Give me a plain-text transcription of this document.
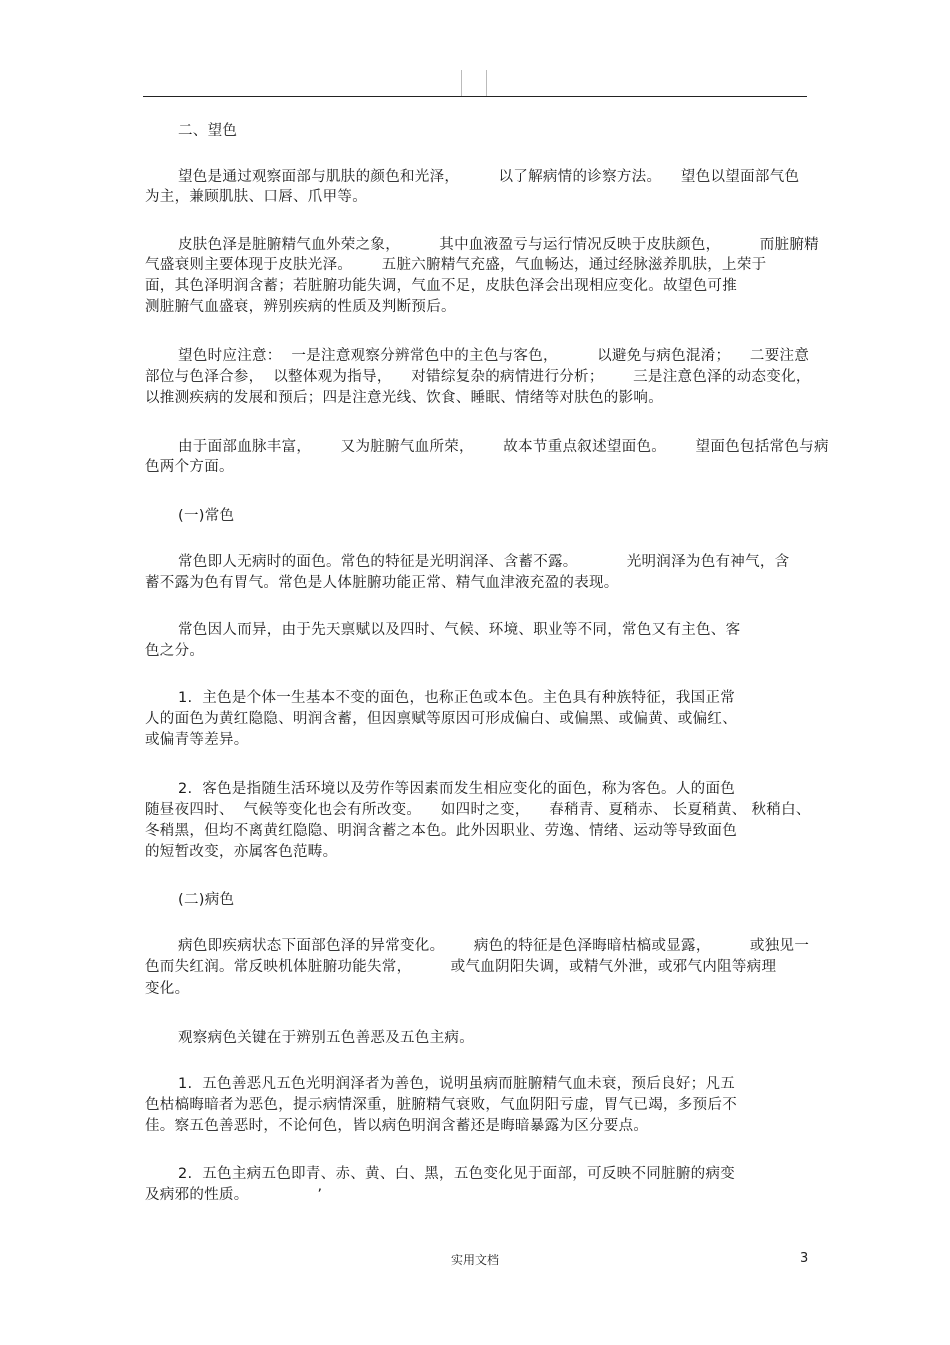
二、望色

望色是通过观察面部与肌肤的颜色和光泽，        以了解病情的诊察方法。    望色以望面部气色

为主，兼顾肌肤、口唇、爪甲等。

皮肤色泽是脏腑精气血外荣之象，        其中血液盈亏与运行情况反映于皮肤颜色，        而脏腑精

气盛衰则主要体现于皮肤光泽。      五脏六腑精气充盛，气血畅达，通过经脉滋养肌肤，上荣于

面，其色泽明润含蓄；若脏腑功能失调，气血不足，皮肤色泽会出现相应变化。故望色可推

测脏腑气血盛衰，辨别疾病的性质及判断预后。

望色时应注意：  一是注意观察分辨常色中的主色与客色，        以避免与病色混淆；    二要注意

部位与色泽合参，  以整体观为指导，    对错综复杂的病情进行分析；      三是注意色泽的动态变化，

以推测疾病的发展和预后；四是注意光线、饮食、睡眠、情绪等对肤色的影响。

由于面部血脉丰富，      又为脏腑气血所荣，      故本节重点叙述望面色。      望面色包括常色与病

色两个方面。

(一)常色

常色即人无病时的面色。常色的特征是光明润泽、含蓄不露。          光明润泽为色有神气，含

蓄不露为色有胃气。常色是人体脏腑功能正常、精气血津液充盈的表现。

常色因人而异，由于先天禀赋以及四时、气候、环境、职业等不同，常色又有主色、客

色之分。

1.  主色是个体一生基本不变的面色，也称正色或本色。主色具有种族特征，我国正常

人的面色为黄红隐隐、明润含蓄，但因禀赋等原因可形成偏白、或偏黑、或偏黄、或偏红、

或偏青等差异。

2.  客色是指随生活环境以及劳作等因素而发生相应变化的面色，称为客色。人的面色

随昼夜四时、  气候等变化也会有所改变。    如四时之变，    春稍青、夏稍赤、 长夏稍黄、 秋稍白、

冬稍黑，但均不离黄红隐隐、明润含蓄之本色。此外因职业、劳逸、情绪、运动等导致面色

的短暂改变，亦属客色范畴。

(二)病色

病色即疾病状态下面部色泽的异常变化。      病色的特征是色泽晦暗枯槁或显露，        或独见一

色而失红润。常反映机体脏腑功能失常，        或气血阴阳失调，或精气外泄，或邪气内阻等病理

变化。

观察病色关键在于辨别五色善恶及五色主病。

1.  五色善恶凡五色光明润泽者为善色，说明虽病而脏腑精气血未衰，预后良好；凡五

色枯槁晦暗者为恶色，提示病情深重，脏腑精气衰败，气血阴阳亏虚，胃气已竭，多预后不

佳。察五色善恶时，不论何色，皆以病色明润含蓄还是晦暗暴露为区分要点。

2.  五色主病五色即青、赤、黄、白、黑，五色变化见于面部，可反映不同脏腑的病变

及病邪的性质。              ’

实用文档	3
